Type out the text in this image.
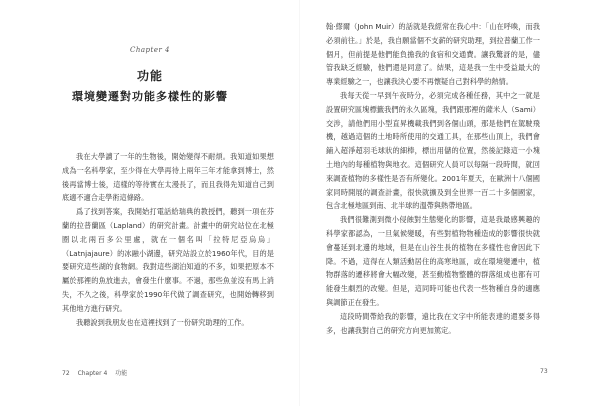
Chapter 4
功能
環境變遷對功能多樣性的影響

我在大學讀了一年的生物後，開始變得不耐煩。我知道如果想成為一名科學家，至少得在大學再待上兩年三年才能拿到博士，然後再當博士後，這樣的等待實在太漫長了，而且我得先知道自己到底適不適合走學術這條路。

爲了找到答案，我開始打電話給瑞典的教授們，聽到一項在芬蘭的拉普蘭區（Lapland）的研究計畫。計畫中的研究站位在北極圈以北兩百多公里處，就在一個名叫「拉特尼亞烏烏」（Latnjajaure）的冰融小湖邊，研究站設立於1960年代，目的是要研究這些湖的食物網。我對這些湖泊知道的不多，如果把原本不屬於那裡的魚放進去，會發生什麼事。不過，那些魚並沒有馬上消失，不久之後，科學家於1990年代做了調查研究，也開始轉移到其他地方進行研究。

我聽說到我朋友也在這裡找到了一份研究助理的工作。

72 Chapter 4 功能

翰·繆爾（John Muir）的話就是我經常在我心中：「山在呼喚，而我必須前往。」於是，我自願當個不支薪的研究助理，到拉普蘭工作一個月，但前提是他們能負擔我的食宿和交通費。讓我驚訝的是，儘管我缺乏經驗，他們還是同意了。結果，這是我一生中受益最大的專業經驗之一，也讓我決心要不再懷疑自己對科學的熱情。

我每天從一早到午夜時分，必須完成各種任務，其中之一就是設置研究區塊標籤我們的永久區塊，我們跟那裡的薩米人（Sami）交涉，請他們用小型直昇機載我們到各個山頭，那是他們在駕駛飛機，越過這個的土地時所使用的交通工具，在那些山頂上，我們會鋪入超淨超羽毛球狀的細棒，標出用儲的位置，然後記錄這一小塊土地內的每種植物與地衣。這個研究人員可以每隔一段時間，就回來調查植物的多樣性是否有所變化。2001年夏天，在歐洲十八個國家同時開展的調查計畫，很快就擴及到全世界一百二十多個國家，包含北極地區到南、北半球的溫帶與熱帶地區。

我們很難測到微小侵蝕對生態變化的影響，這是我最感興趣的科學家都認為，一旦氣候變暖，有些對植物物種造成的影響很快就會蔓延到北邊的地域，但是在山谷生長的植物在多樣性也會因此下降。不過，這得在人類活動居住的高寒地區，或在環境變遷中，植物群落的遷移將會大幅改變，甚至動植物整體的群落組成也都有可能發生劇烈的改變。但是，這同時可能也代表一些物種自身的適應與調節正在發生。

這段時間帶給我的影響，遠比我在文字中所能表達的還要多得多，也讓我對自己的研究方向更加篤定。

73
